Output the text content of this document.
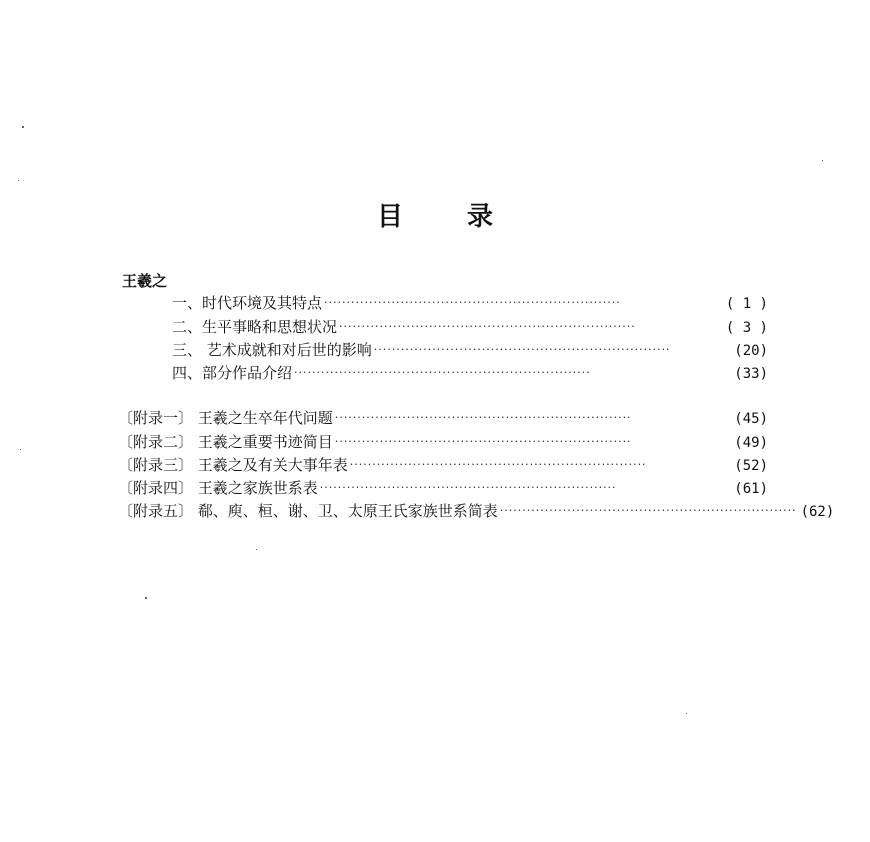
目 录
王羲之
一、时代环境及其特点 ··································································	( 1 )
二、生平事略和思想状况 ··································································	( 3 )
三、 艺术成就和对后世的影响 ··································································	(20)
四、部分作品介绍 ··································································	(33)
〔附录一〕 王羲之生卒年代问题 ··································································	(45)
〔附录二〕 王羲之重要书迹简目 ··································································	(49)
〔附录三〕 王羲之及有关大事年表 ··································································	(52)
〔附录四〕 王羲之家族世系表 ··································································	(61)
〔附录五〕 郗、庾、桓、谢、卫、太原王氏家族世系简表 ·································································· (62)
